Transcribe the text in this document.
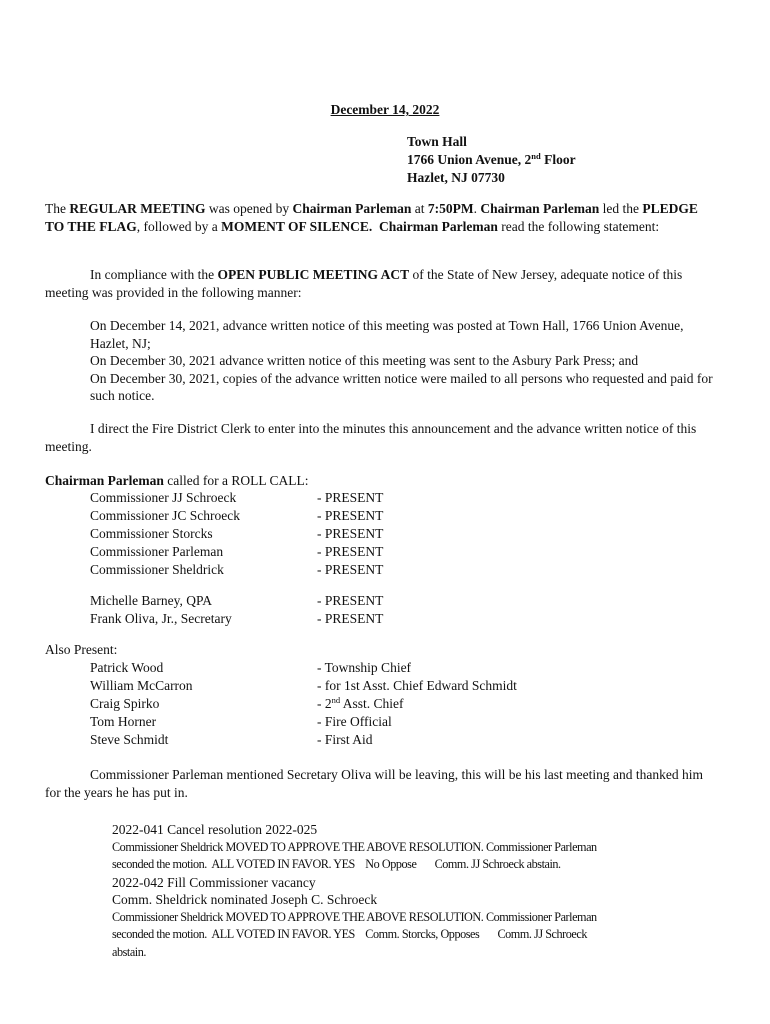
December 14, 2022
Town Hall
1766 Union Avenue, 2nd Floor
Hazlet, NJ 07730
The REGULAR MEETING was opened by Chairman Parleman at 7:50PM. Chairman Parleman led the PLEDGE TO THE FLAG, followed by a MOMENT OF SILENCE. Chairman Parleman read the following statement:
In compliance with the OPEN PUBLIC MEETING ACT of the State of New Jersey, adequate notice of this meeting was provided in the following manner:
On December 14, 2021, advance written notice of this meeting was posted at Town Hall, 1766 Union Avenue, Hazlet, NJ;
On December 30, 2021 advance written notice of this meeting was sent to the Asbury Park Press; and
On December 30, 2021, copies of the advance written notice were mailed to all persons who requested and paid for such notice.
I direct the Fire District Clerk to enter into the minutes this announcement and the advance written notice of this meeting.
Chairman Parleman called for a ROLL CALL:
Commissioner JJ Schroeck	- PRESENT
Commissioner JC Schroeck	- PRESENT
Commissioner Storcks	- PRESENT
Commissioner Parleman	- PRESENT
Commissioner Sheldrick	- PRESENT
Michelle Barney, QPA	- PRESENT
Frank Oliva, Jr., Secretary	- PRESENT
Also Present:
Patrick Wood	- Township Chief
William McCarron	- for 1st Asst. Chief Edward Schmidt
Craig Spirko	- 2nd Asst. Chief
Tom Horner	- Fire Official
Steve Schmidt	- First Aid
Commissioner Parleman mentioned Secretary Oliva will be leaving, this will be his last meeting and thanked him for the years he has put in.
2022-041 Cancel resolution 2022-025
Commissioner Sheldrick MOVED TO APPROVE THE ABOVE RESOLUTION. Commissioner Parleman
seconded the motion.  ALL VOTED IN FAVOR. YES    No Oppose       Comm. JJ Schroeck abstain.
2022-042 Fill Commissioner vacancy
Comm. Sheldrick nominated Joseph C. Schroeck
Commissioner Sheldrick MOVED TO APPROVE THE ABOVE RESOLUTION. Commissioner Parleman
seconded the motion.  ALL VOTED IN FAVOR. YES    Comm. Storcks, Opposes       Comm. JJ Schroeck
abstain.
